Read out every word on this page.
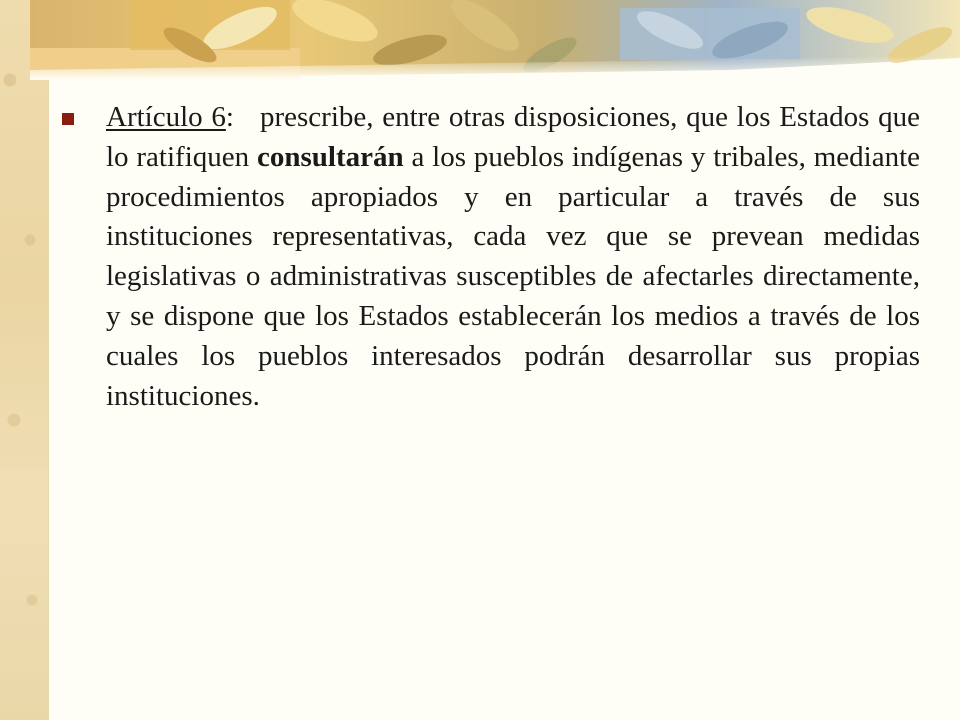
Artículo 6: prescribe, entre otras disposiciones, que los Estados que lo ratifiquen consultarán a los pueblos indígenas y tribales, mediante procedimientos apropiados y en particular a través de sus instituciones representativas, cada vez que se prevean medidas legislativas o administrativas susceptibles de afectarles directamente, y se dispone que los Estados establecerán los medios a través de los cuales los pueblos interesados podrán desarrollar sus propias instituciones.
